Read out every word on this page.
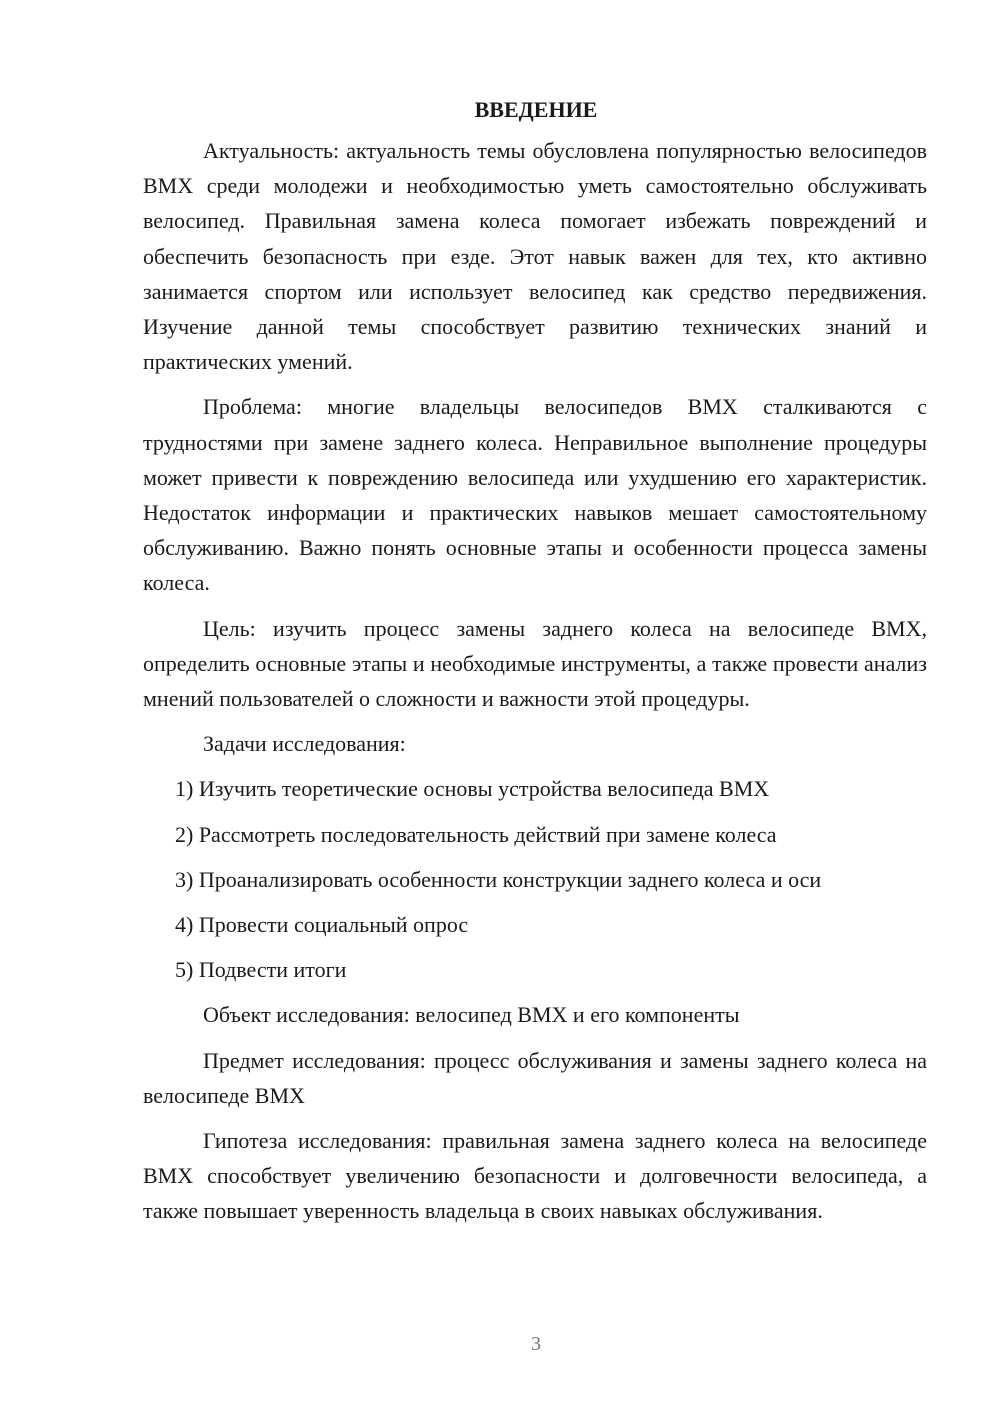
ВВЕДЕНИЕ

Актуальность: актуальность темы обусловлена популярностью велосипедов BMX среди молодежи и необходимостью уметь самостоятельно обслуживать велосипед. Правильная замена колеса помогает избежать повреждений и обеспечить безопасность при езде. Этот навык важен для тех, кто активно занимается спортом или использует велосипед как средство передвижения. Изучение данной темы способствует развитию технических знаний и практических умений.

Проблема: многие владельцы велосипедов BMX сталкиваются с трудностями при замене заднего колеса. Неправильное выполнение процедуры может привести к повреждению велосипеда или ухудшению его характеристик. Недостаток информации и практических навыков мешает самостоятельному обслуживанию. Важно понять основные этапы и особенности процесса замены колеса.

Цель: изучить процесс замены заднего колеса на велосипеде BMX, определить основные этапы и необходимые инструменты, а также провести анализ мнений пользователей о сложности и важности этой процедуры.

Задачи исследования:

1) Изучить теоретические основы устройства велосипеда BMX
2) Рассмотреть последовательность действий при замене колеса
3) Проанализировать особенности конструкции заднего колеса и оси
4) Провести социальный опрос
5) Подвести итоги

Объект исследования: велосипед BMX и его компоненты

Предмет исследования: процесс обслуживания и замены заднего колеса на велосипеде BMX

Гипотеза исследования: правильная замена заднего колеса на велосипеде BMX способствует увеличению безопасности и долговечности велосипеда, а также повышает уверенность владельца в своих навыках обслуживания.

3
